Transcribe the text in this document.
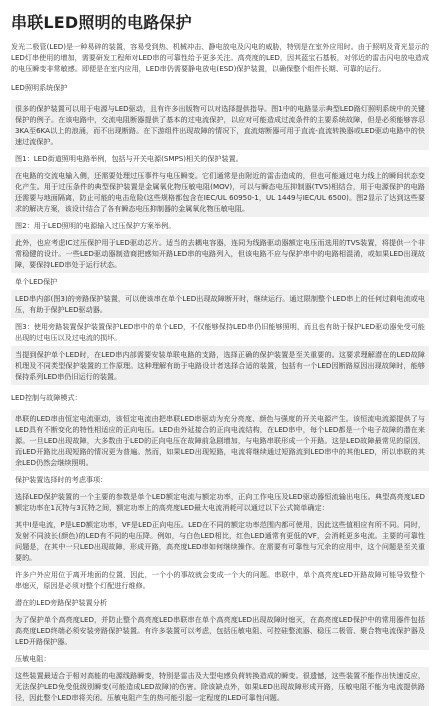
串联LED照明的电路保护

发光二极管(LED)是一种易碎的装置，容易受到热、机械冲击、静电放电及闪电的威胁，特别是在室外应用时。由于照明及背光显示的LED灯串使用的增加，需要研发工程师对LED串的可靠性给予更多关注。高亮度的LED，因其蓝宝石基板，对邻近的雷击闪电放电造成的电压瞬变非常敏感。即便是在室内应用，LED串仍需要静电放电(ESD)保护装置，以确保整个组件长期、可靠的运行。

LED照明系统保护

很多的保护装置可以用于电源与LED驱动，且有许多出版物可以对选择提供指导。图1中的电路显示典型LED路灯照明系统中的关键保护的例子。在该电路中，交流电阻断器提供了基本的过电流保护，以应对可能造成过流条件的主要系统故障，但是必须能够容忍3KA至6KA以上的浪涌，而不出现断路。在下游组件出现故障的情况下，直流熔断器可用于直流-直流转换器或LED驱动电路中的快速过流保护。

图1：LED街道照明电路举例，包括与开关电源(SMPS)相关的保护装置。

在电路的交流电输入侧，还需要处理过压事件与电压瞬变。它们通常是由附近的雷击造成的，但也可能通过电力线上的瞬间状态变化产生。用于过压条件的典型保护装置是金属氧化物压敏电阻(MOV)，可以与瞬态电压抑制器(TVS)相结合，用于电源保护的电路还需要与地面隔离，防止可能的电击危险(这些规格都包含在IEC/UL 60950-1，UL 1449与IEC/UL 6500)。图2显示了达到这些要求的解决方案，该设计结合了各有瞬态电压抑制器的金属氧化物压敏电阻。

图2：用于LED照明的电源输入过压保护方案举例。

此外，也应考虑IC过压保护用于LED驱动芯片。适当的去耦电容器，连同为线路驱动器额定电压而选用的TVS装置，将提供一个非常稳健的设计。一些LED驱动器制造商把感知开路LED串的电路列入，但该电路不应与保护串中的电路相混淆，或如果LED出现故障，要保持LED串处于运行状态。

单个LED保护

LED串内部(图3)的旁路保护装置，可以使该串在单个LED出现故障断开时，继续运行。通过限制整个LED串上的任何过剩电流或电压，有助于保护LED驱动器。

图3：使用旁路装置保护装置保护LED串中的单个LED，不仅能够保持LED串仍旧能够照明，而且也有助于保护LED驱动器免受可能出现的过电压以及过电流的损坏。

当提到保护单个LED时，在LED串内部需要安装单联电路的支路，选择正确的保护装置是至关重要的。这要求理解潜在的LED故障机理及不同类型保护装置的工作原理。这种理解有助于电路设计者选择合适的装置，包括有一个LED因断路原因出现故障时，能够保持系列LED串仍旧运行的装置。

LED控制与故障模式：

串联的LED串由恒定电流驱动，该恒定电流由把串联LED串驱动为充分亮度、颜色与强度的开关电源产生。该恒流电流源提供了与LED具有不断变化的特性相适应的正向电压。LED由外延接合的正向电流结构，在LED串中，每个LED都是一个电子故障的潜在来源。一旦LED出现故障，大多数由于LED的正向电压在故障前急剧增加，与电路串联形成一个开路。这是LED故障最常见的原因，而LED开路比出现短路的情况更为普遍。然而，如果LED出现短路，电流将继续通过短路流到LED串中的其他LED，所以串联的其余LED仍然会继续照明。

保护装置选择时的考虑事项：

选择LED保护装置的一个主要的参数是单个LED额定电流与额定功率，正向工作电压及LED驱动器恒流输出电压。典型高亮度LED额定功率在1瓦特与3瓦特之间，额定功率上的高亮度LED最大电流消耗可以通过以下公式简单确定：

其中I是电流，P是LED额定功率，VF是LED正向电压。LED在不同的额定功率范围内都可使用，因此这些值相应有所不同。同时，发射不同波长(颜色)的LED有不同的电压降。例如，与白色LED相比，红色LED通常有更低的VF，会消耗更多电流。主要的可靠性问题是，在其中一只LED出现故障，形成开路，高亮度LED串如何继续操作。在需要有可靠性与冗余的应用中，这个问题是至关重要的。

许多户外应用位于离开地面的位置，因此，一个小的事故就会变成一个大的问题。串联中，单个高亮度LED开路故障可能导致整个串熄灭，原因是必须对整个灯配进行维修。

潜在的LED旁路保护装置分析

为了保护单个高亮度LED，并防止整个高亮度LED串联串在单个高亮度LED出现故障时熄灭，在高亮度LED保护中的常用器件包括高亮度LED终端必须安装旁路保护装置。有许多装置可以考虑，包括压敏电阻、可控硅整流器、稳压二极管、聚合物电流保护器及LED开路保护器。

压敏电阻：

这些装置最适合于相对高能的电源线路瞬变，特别是雷击及大型电感负荷转换造成的瞬变。很遗憾，这些装置不能作出快速反应，无法保护LED免受低级别瞬变(可能造成LED故障)的伤害。除该缺点外，如果LED出现故障形成开路，压敏电阻不能为电流提供路径，因此整个LED串将关闭。压敏电阻产生的热可能引起一定程度的LED可靠性问题。
